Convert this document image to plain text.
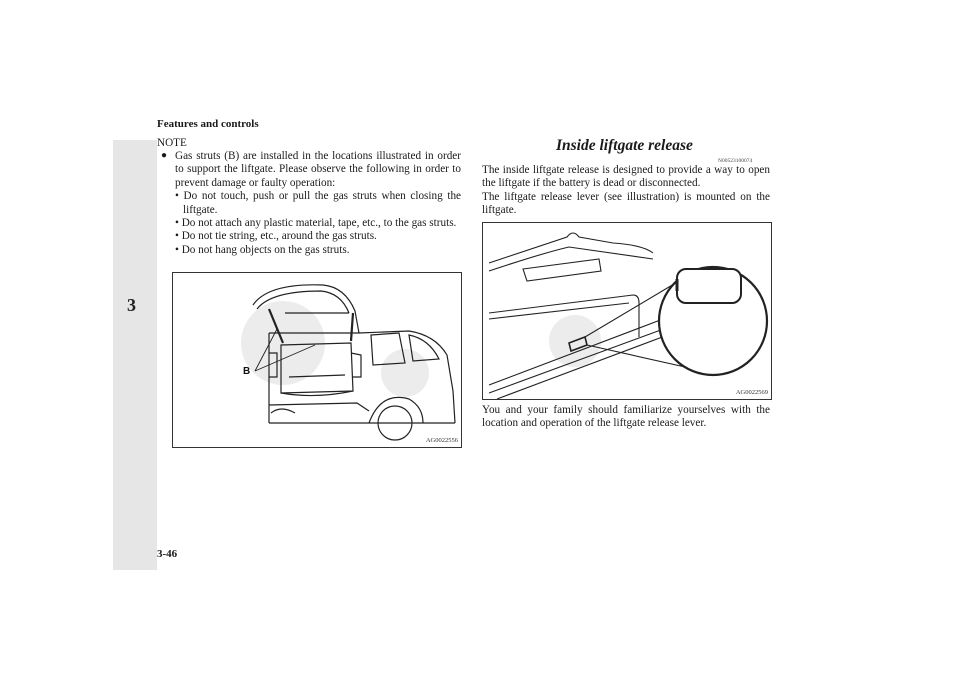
Features and controls
3
NOTE
● Gas struts (B) are installed in the locations illustrated in order to support the liftgate. Please observe the following in order to prevent damage or faulty operation:

• Do not touch, push or pull the gas struts when closing the liftgate.

• Do not attach any plastic material, tape, etc., to the gas struts.

• Do not tie string, etc., around the gas struts.

• Do not hang objects on the gas struts.

B
AG0022556
Inside liftgate release
N00523100074

The inside liftgate release is designed to provide a way to open the liftgate if the battery is dead or disconnected.

The liftgate release lever (see illustration) is mounted on the liftgate.

AG0022569
You and your family should familiarize yourselves with the location and operation of the liftgate release lever.
3-46
